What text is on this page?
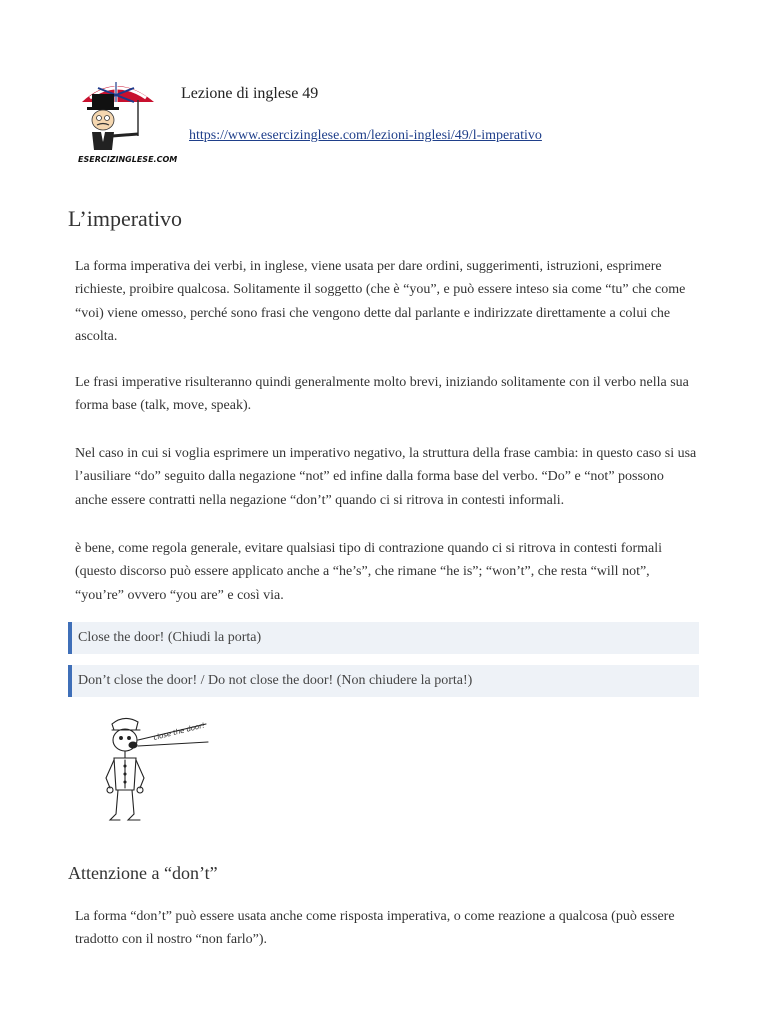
ESERCIZINGLESE.COM
Lezione di inglese 49
https://www.esercizinglese.com/lezioni-inglesi/49/l-imperativo
L’imperativo

La forma imperativa dei verbi, in inglese, viene usata per dare ordini, suggerimenti, istruzioni, esprimere richieste, proibire qualcosa. Solitamente il soggetto (che è “you”, e può essere inteso sia come “tu” che come “voi) viene omesso, perché sono frasi che vengono dette dal parlante e indirizzate direttamente a colui che ascolta.

Le frasi imperative risulteranno quindi generalmente molto brevi, iniziando solitamente con il verbo nella sua forma base (talk, move, speak).

Nel caso in cui si voglia esprimere un imperativo negativo, la struttura della frase cambia: in questo caso si usa l’ausiliare “do” seguito dalla negazione “not” ed infine dalla forma base del verbo. “Do” e “not” possono anche essere contratti nella negazione “don’t” quando ci si ritrova in contesti informali.

è bene, come regola generale, evitare qualsiasi tipo di contrazione quando ci si ritrova in contesti formali (questo discorso può essere applicato anche a “he’s”, che rimane “he is”; “won’t”, che resta “will not”, “you’re” ovvero “you are” e così via.

Close the door! (Chiudi la porta)
Don’t close the door! / Do not close the door! (Non chiudere la porta!)
close the door!
Attenzione a “don’t”

La forma “don’t” può essere usata anche come risposta imperativa, o come reazione a qualcosa (può essere tradotto con il nostro “non farlo”).
